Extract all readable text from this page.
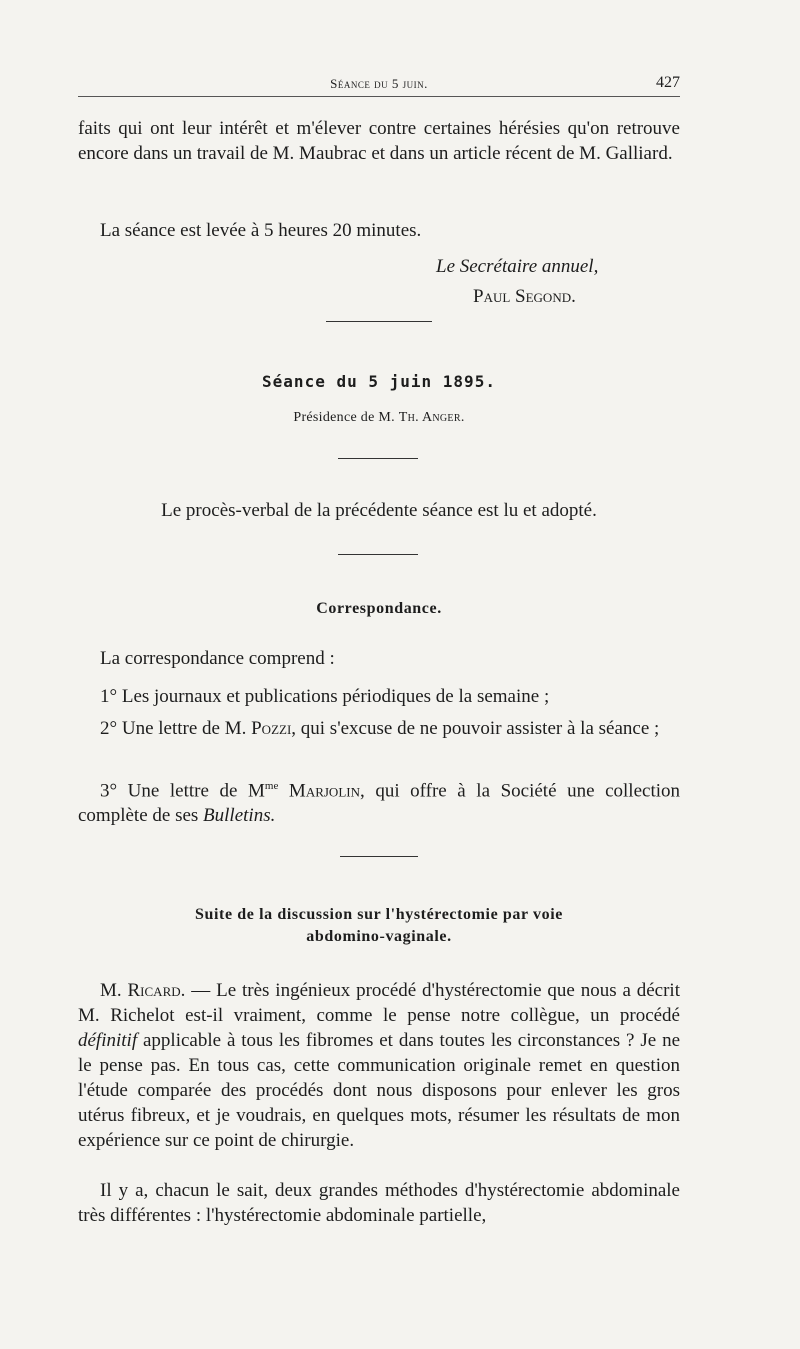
Séance du 5 juin.	427

faits qui ont leur intérêt et m'élever contre certaines hérésies qu'on retrouve encore dans un travail de M. Maubrac et dans un article récent de M. Galliard.

La séance est levée à 5 heures 20 minutes.

Le Secrétaire annuel,
Paul Segond.
Séance du 5 juin 1895.
Présidence de M. Th. Anger.
Le procès-verbal de la précédente séance est lu et adopté.
Correspondance.

La correspondance comprend :

1° Les journaux et publications périodiques de la semaine ;

2° Une lettre de M. Pozzi, qui s'excuse de ne pouvoir assister à la séance ;

3° Une lettre de $M^{me}$ Marjolin, qui offre à la Société une collection complète de ses Bulletins.

Suite de la discussion sur l'hystérectomie par voie
abdomino-vaginale.

M. Ricard. — Le très ingénieux procédé d'hystérectomie que nous a décrit M. Richelot est-il vraiment, comme le pense notre collègue, un procédé définitif applicable à tous les fibromes et dans toutes les circonstances ? Je ne le pense pas. En tous cas, cette communication originale remet en question l'étude comparée des procédés dont nous disposons pour enlever les gros utérus fibreux, et je voudrais, en quelques mots, résumer les résultats de mon expérience sur ce point de chirurgie.

Il y a, chacun le sait, deux grandes méthodes d'hystérectomie abdominale très différentes : l'hystérectomie abdominale partielle,
